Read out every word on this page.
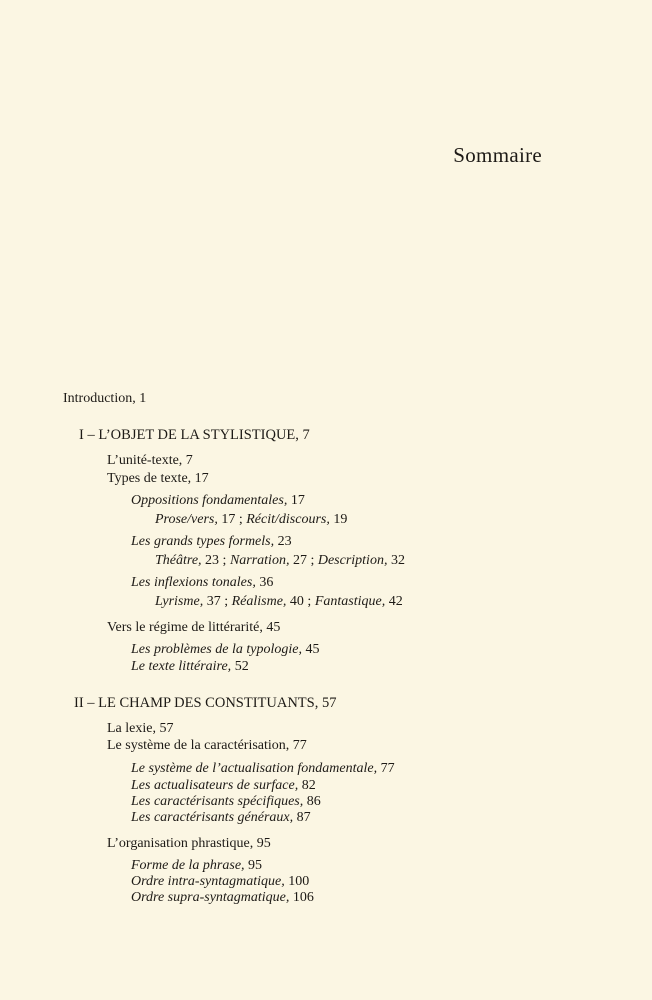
Sommaire
Introduction, 1
I – L’OBJET DE LA STYLISTIQUE, 7
L’unité-texte, 7
Types de texte, 17
Oppositions fondamentales, 17
Prose/vers, 17 ; Récit/discours, 19
Les grands types formels, 23
Théâtre, 23 ; Narration, 27 ; Description, 32
Les inflexions tonales, 36
Lyrisme, 37 ; Réalisme, 40 ; Fantastique, 42
Vers le régime de littérarité, 45
Les problèmes de la typologie, 45
Le texte littéraire, 52
II – LE CHAMP DES CONSTITUANTS, 57
La lexie, 57
Le système de la caractérisation, 77
Le système de l’actualisation fondamentale, 77
Les actualisateurs de surface, 82
Les caractérisants spécifiques, 86
Les caractérisants généraux, 87
L’organisation phrastique, 95
Forme de la phrase, 95
Ordre intra-syntagmatique, 100
Ordre supra-syntagmatique, 106
